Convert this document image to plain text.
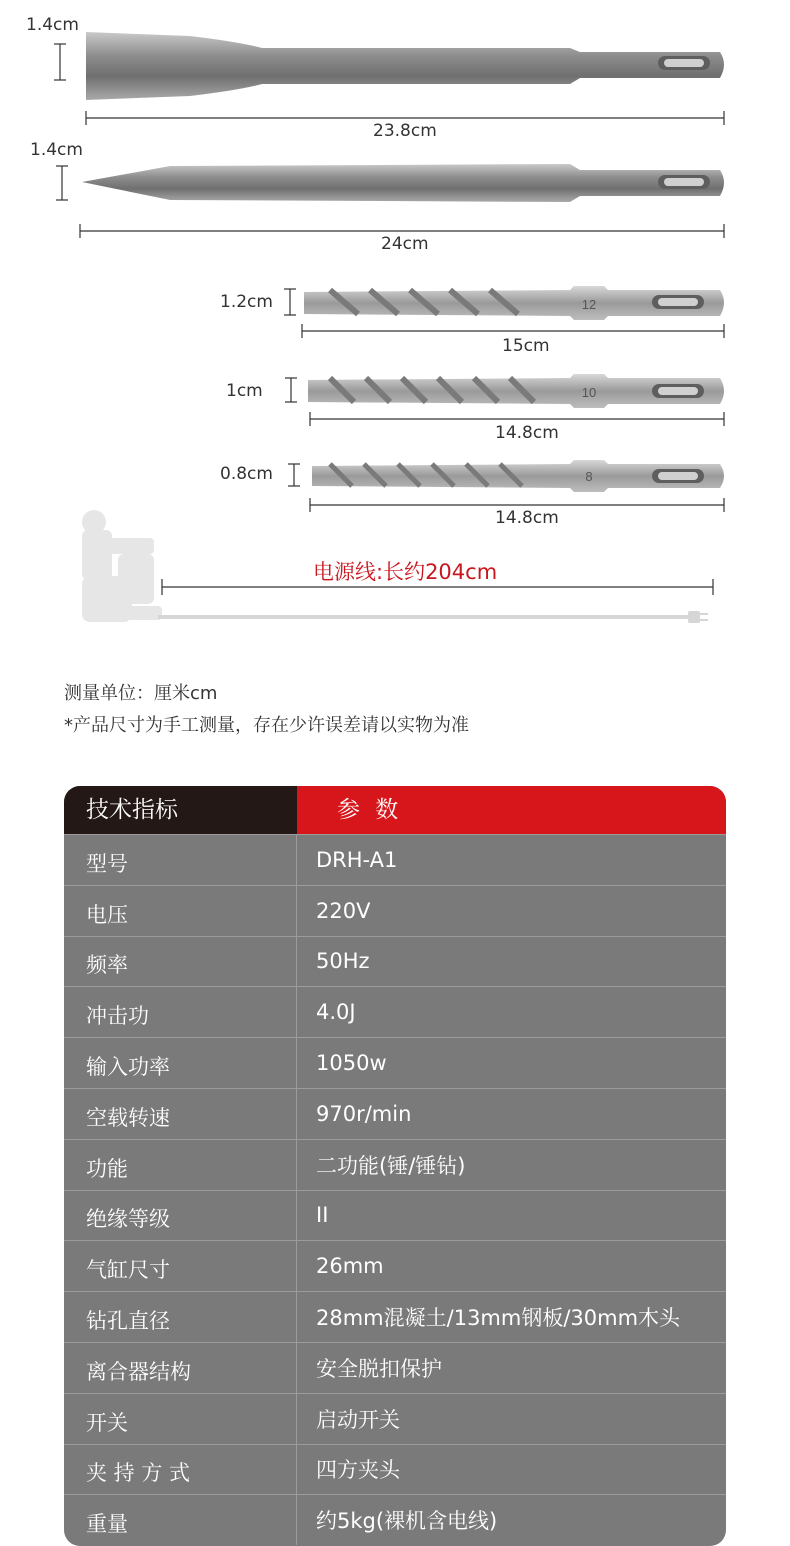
12
10
8
1.4cm
23.8cm
1.4cm
24cm
1.2cm
15cm
1cm
14.8cm
0.8cm
14.8cm
电源线:长约204cm
测量单位：厘米cm
*产品尺寸为手工测量，存在少许误差请以实物为准
技术指标	参 数
型号	DRH-A1
电压	220V
频率	50Hz
冲击功	4.0J
输入功率	1050w
空载转速	970r/min
功能	二功能(锤/锤钻)
绝缘等级	II
气缸尺寸	26mm
钻孔直径	28mm混凝土/13mm钢板/30mm木头
离合器结构	安全脱扣保护
开关	启动开关
夹 持 方 式	四方夹头
重量	约5kg(裸机含电线)
